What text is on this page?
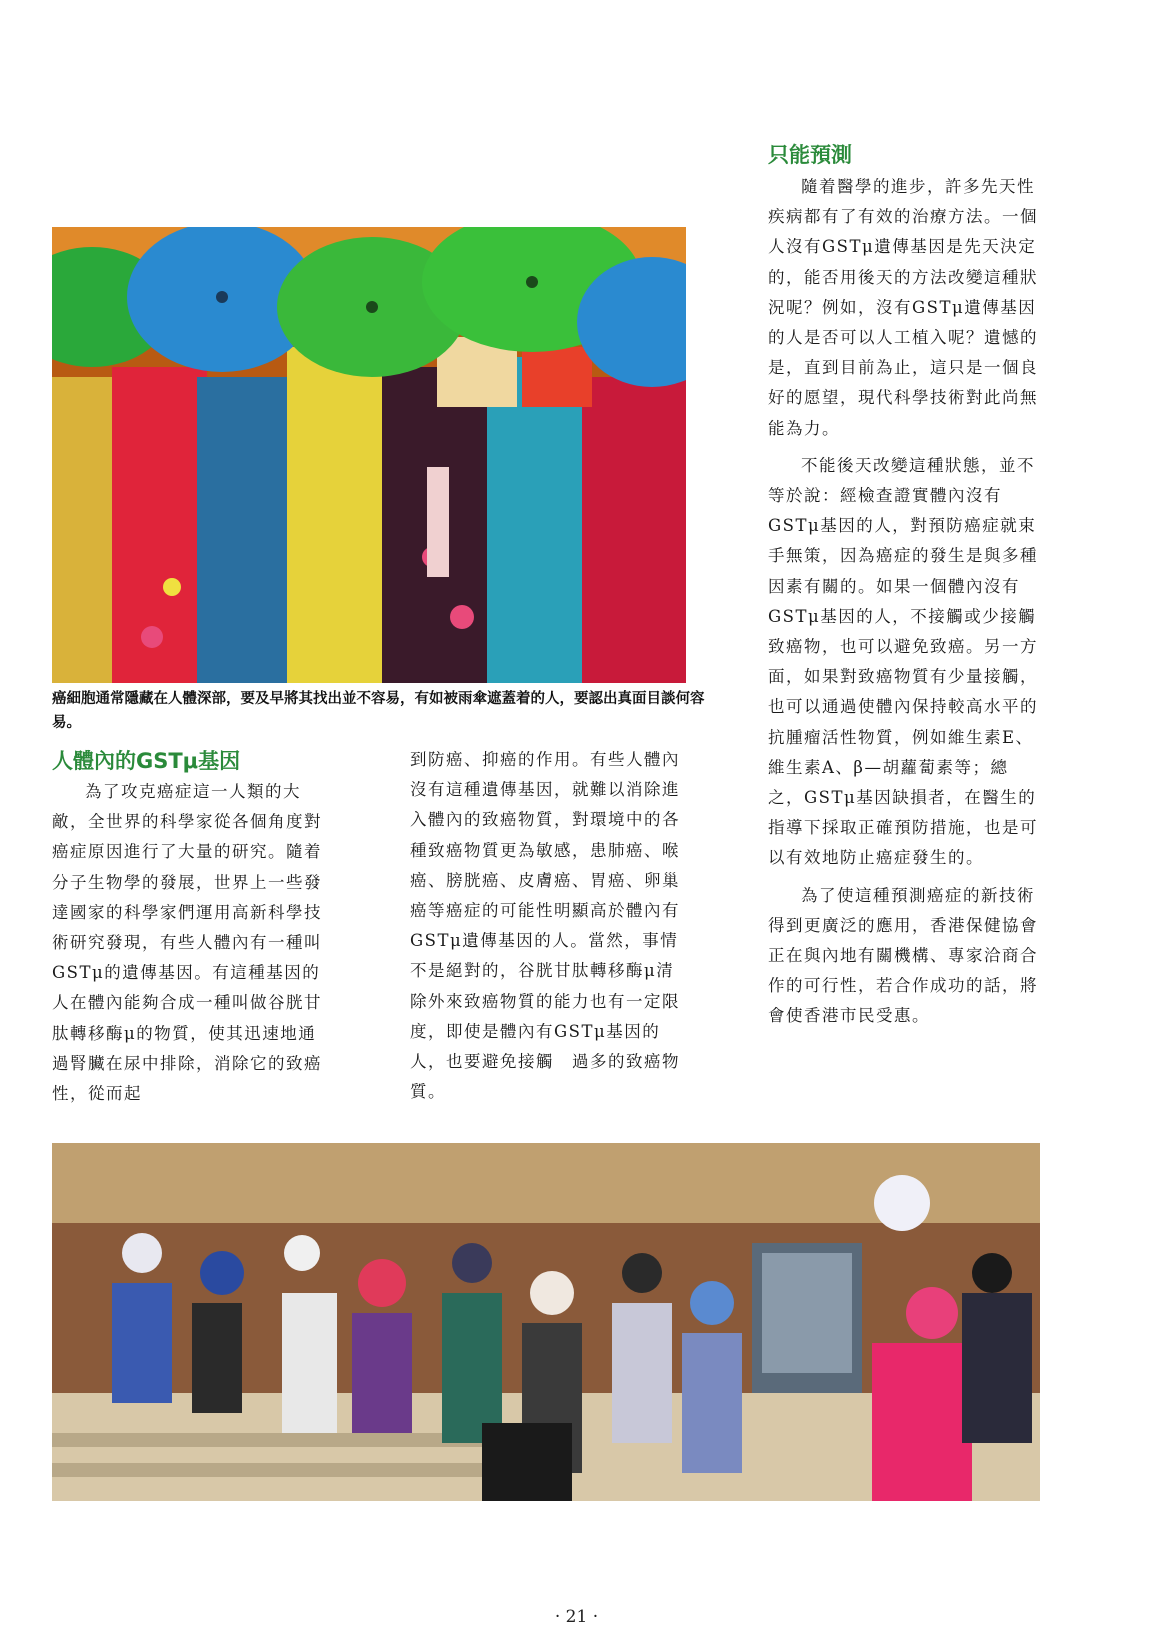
只能預測

隨着醫學的進步，許多先天性疾病都有了有效的治療方法。一個人沒有GSTμ遺傳基因是先天決定的，能否用後天的方法改變這種狀況呢？例如，沒有GSTμ遺傳基因的人是否可以人工植入呢？遺憾的是，直到目前為止，這只是一個良好的愿望，現代科學技術對此尚無能為力。

不能後天改變這種狀態，並不等於說：經檢查證實體內沒有GSTμ基因的人，對預防癌症就束手無策，因為癌症的發生是與多種因素有關的。如果一個體內沒有GSTμ基因的人，不接觸或少接觸致癌物，也可以避免致癌。另一方面，如果對致癌物質有少量接觸，也可以通過使體內保持較高水平的抗腫瘤活性物質，例如維生素E、維生素A、β—胡蘿蔔素等；總之，GSTμ基因缺損者，在醫生的指導下採取正確預防措施，也是可以有效地防止癌症發生的。

為了使這種預測癌症的新技術得到更廣泛的應用，香港保健協會正在與內地有關機構、專家洽商合作的可行性，若合作成功的話，將會使香港市民受惠。

癌細胞通常隱藏在人體深部，要及早將其找出並不容易，有如被雨傘遮蓋着的人，要認出真面目談何容易。

人體內的GSTμ基因

為了攻克癌症這一人類的大敵，全世界的科學家從各個角度對癌症原因進行了大量的研究。隨着分子生物學的發展，世界上一些發達國家的科學家們運用高新科學技術研究發現，有些人體內有一種叫GSTμ的遺傳基因。有這種基因的人在體內能夠合成一種叫做谷胱甘肽轉移酶μ的物質，使其迅速地通過腎臟在尿中排除，消除它的致癌性，從而起

到防癌、抑癌的作用。有些人體內沒有這種遺傳基因，就難以消除進入體內的致癌物質，對環境中的各種致癌物質更為敏感，患肺癌、喉癌、膀胱癌、皮膚癌、胃癌、卵巢癌等癌症的可能性明顯高於體內有GSTμ遺傳基因的人。當然，事情不是絕對的，谷胱甘肽轉移酶μ清除外來致癌物質的能力也有一定限度，即使是體內有GSTμ基因的人，也要避免接觸　過多的致癌物質。

· 21 ·
